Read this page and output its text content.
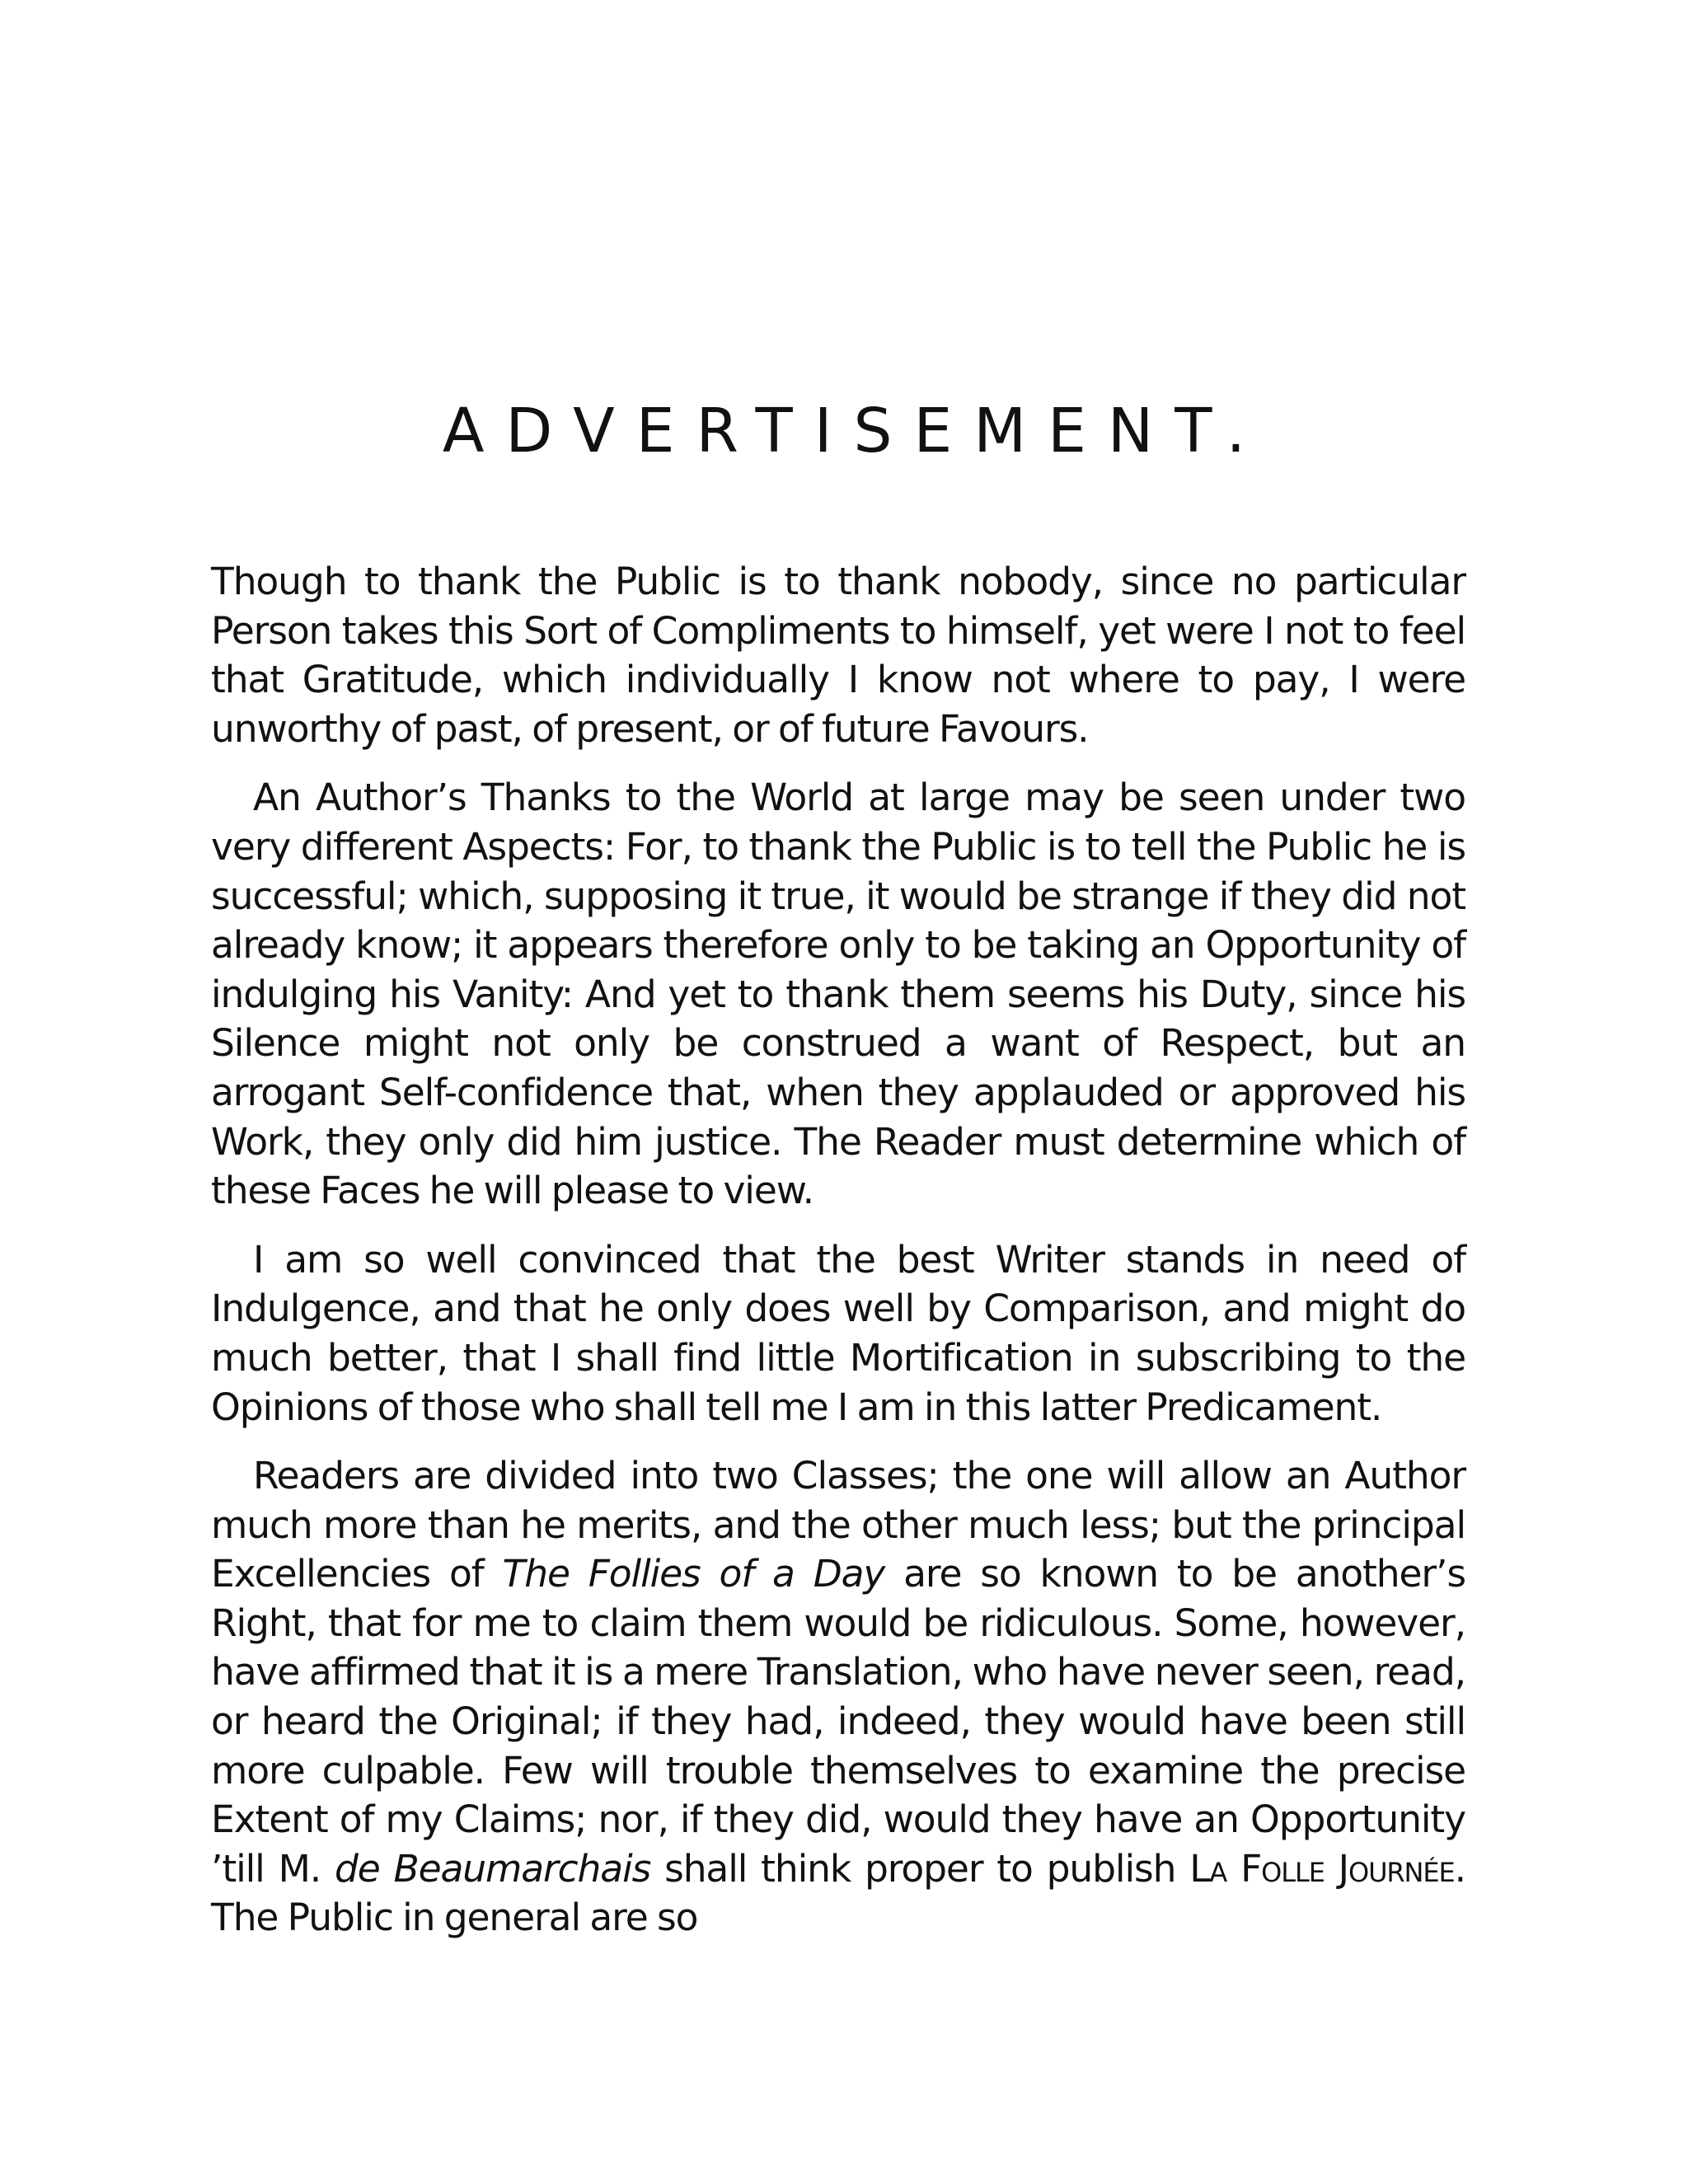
ADVERTISEMENT.

Though to thank the Public is to thank nobody, since no particular Person takes this Sort of Compliments to himself, yet were I not to feel that Gratitude, which individually I know not where to pay, I were unworthy of past, of present, or of future Favours.

An Author’s Thanks to the World at large may be seen under two very different Aspects: For, to thank the Public is to tell the Public he is successful; which, supposing it true, it would be strange if they did not already know; it appears therefore only to be taking an Opportunity of indulging his Vanity: And yet to thank them seems his Duty, since his Silence might not only be construed a want of Respect, but an arrogant Self-confidence that, when they applauded or approved his Work, they only did him justice. The Reader must determine which of these Faces he will please to view.

I am so well convinced that the best Writer stands in need of Indulgence, and that he only does well by Comparison, and might do much better, that I shall find little Mortification in subscribing to the Opinions of those who shall tell me I am in this latter Predicament.

Readers are divided into two Classes; the one will allow an Author much more than he merits, and the other much less; but the principal Excellencies of The Follies of a Day are so known to be another’s Right, that for me to claim them would be ridiculous. Some, however, have affirmed that it is a mere Translation, who have never seen, read, or heard the Original; if they had, indeed, they would have been still more culpable. Few will trouble themselves to examine the precise Extent of my Claims; nor, if they did, would they have an Opportunity ’till M. de Beaumarchais shall think proper to publish La Folle Journée. The Public in general are so
